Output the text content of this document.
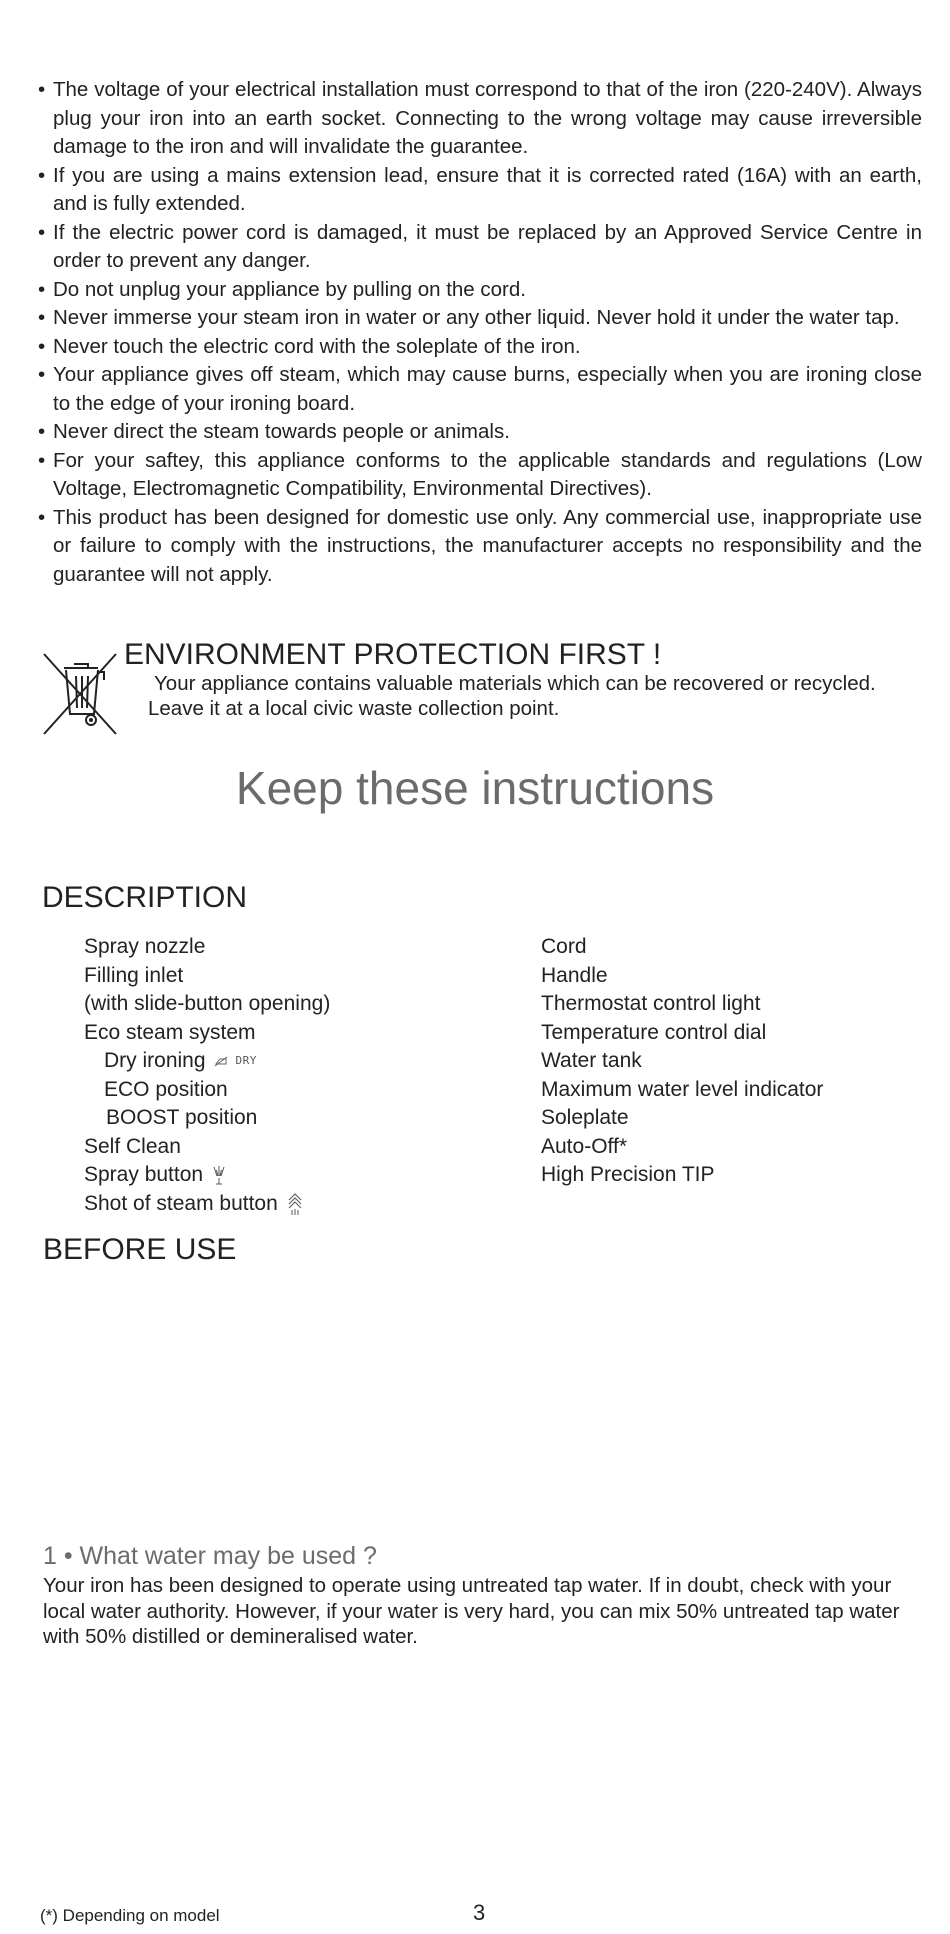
• The voltage of your electrical installation must correspond to that of the iron (220-240V). Always plug your iron into an earth socket. Connecting to the wrong voltage may cause irreversible damage to the iron and will invalidate the guarantee.
• If you are using a mains extension lead, ensure that it is corrected rated (16A) with an earth, and is fully extended.
• If the electric power cord is damaged, it must be replaced by an Approved Service Centre in order to prevent any danger.
• Do not unplug your appliance by pulling on the cord.
• Never immerse your steam iron in water or any other liquid. Never hold it under the water tap.
• Never touch the electric cord with the soleplate of the iron.
• Your appliance gives off steam, which may cause burns, especially when you are ironing close to the edge of your ironing board.
• Never direct the steam towards people or animals.
• For your saftey, this appliance conforms to the applicable standards and regulations (Low Voltage, Electromagnetic Compatibility, Environmental Directives).
• This product has been designed for domestic use only. Any commercial use, inappropriate use or failure to comply with the instructions, the manufacturer accepts no responsibility and the guarantee will not apply.
ENVIRONMENT PROTECTION FIRST !

Your appliance contains valuable materials which can be recovered or recycled.

Leave it at a local civic waste collection point.

Keep these instructions
DESCRIPTION
Spray nozzle
Filling inlet
(with slide-button opening)
Eco steam system
Dry ironing	DRY
ECO position
BOOST position
Self Clean
Spray button
Shot of steam button
Cord
Handle
Thermostat control light
Temperature control dial
Water tank
Maximum water level indicator
Soleplate
Auto-Off*
High Precision TIP
BEFORE USE
1 • What water may be used ?

Your iron has been designed to operate using untreated tap water. If in doubt, check with your local water authority. However, if your water is very hard, you can mix 50% untreated tap water with 50% distilled or demineralised water.

(*) Depending on model	3
